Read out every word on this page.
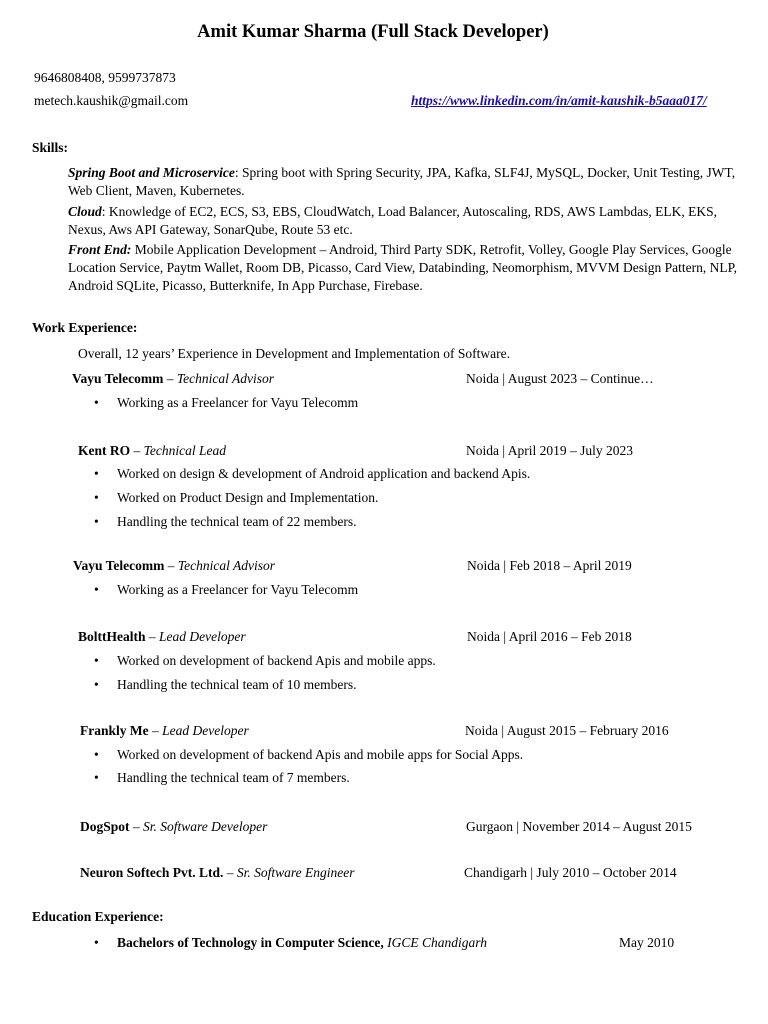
Amit Kumar Sharma (Full Stack Developer)
9646808408, 9599737873
metech.kaushik@gmail.com	https://www.linkedin.com/in/amit-kaushik-b5aaa017/
Skills:
Spring Boot and Microservice: Spring boot with Spring Security, JPA, Kafka, SLF4J, MySQL, Docker, Unit Testing, JWT, Web Client, Maven, Kubernetes.
Cloud: Knowledge of EC2, ECS, S3, EBS, CloudWatch, Load Balancer, Autoscaling, RDS, AWS Lambdas, ELK, EKS, Nexus, Aws API Gateway, SonarQube, Route 53 etc.
Front End: Mobile Application Development – Android, Third Party SDK, Retrofit, Volley, Google Play Services, Google Location Service, Paytm Wallet, Room DB, Picasso, Card View, Databinding, Neomorphism, MVVM Design Pattern, NLP, Android SQLite, Picasso, Butterknife, In App Purchase, Firebase.
Work Experience:
Overall, 12 years’ Experience in Development and Implementation of Software.
Vayu Telecomm – Technical Advisor	Noida | August 2023 – Continue…
• Working as a Freelancer for Vayu Telecomm
Kent RO – Technical Lead	Noida | April 2019 – July 2023
• Worked on design & development of Android application and backend Apis.
• Worked on Product Design and Implementation.
• Handling the technical team of 22 members.
Vayu Telecomm – Technical Advisor	Noida | Feb 2018 – April 2019
• Working as a Freelancer for Vayu Telecomm
BolttHealth – Lead Developer	Noida | April 2016 – Feb 2018
• Worked on development of backend Apis and mobile apps.
• Handling the technical team of 10 members.
Frankly Me – Lead Developer	Noida | August 2015 – February 2016
• Worked on development of backend Apis and mobile apps for Social Apps.
• Handling the technical team of 7 members.
DogSpot – Sr. Software Developer	Gurgaon | November 2014 – August 2015
Neuron Softech Pvt. Ltd. – Sr. Software Engineer	Chandigarh | July 2010 – October 2014
Education Experience:
• Bachelors of Technology in Computer Science, IGCE Chandigarh	May 2010
